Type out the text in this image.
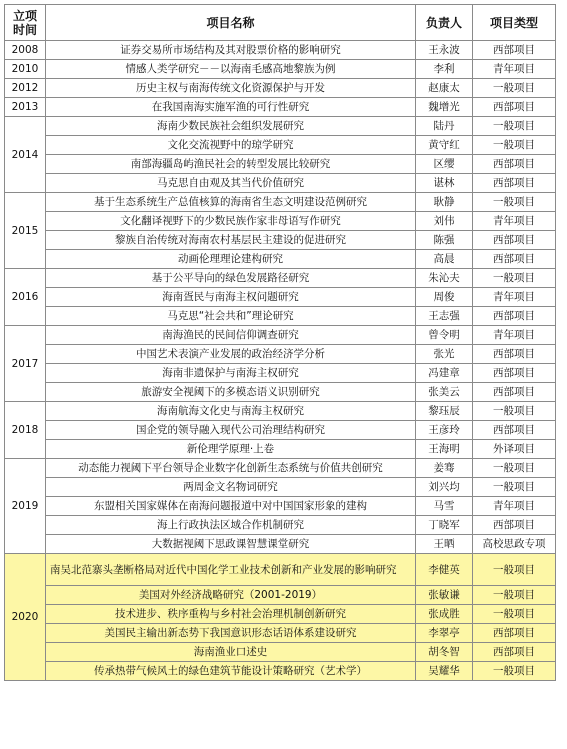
立项
时间	项目名称	负责人	项目类型
2008	证券交易所市场结构及其对股票价格的影响研究	王永波	西部项目
2010	情感人类学研究－－以海南毛感高地黎族为例	李利	青年项目
2012	历史主权与南海传统文化资源保护与开发	赵康太	一般项目
2013	在我国南海实施军渔的可行性研究	魏增光	西部项目
2014	海南少数民族社会组织发展研究	陆丹	一般项目
	文化交流视野中的琼学研究	黄守红	一般项目
	南部海疆岛屿渔民社会的转型发展比较研究	区缨	西部项目
	马克思自由观及其当代价值研究	谌林	西部项目
2015	基于生态系统生产总值核算的海南省生态文明建设范例研究	耿静	一般项目
	文化翻译视野下的少数民族作家非母语写作研究	刘伟	青年项目
	黎族自治传统对海南农村基层民主建设的促进研究	陈强	西部项目
	动画伦理理论建构研究	高晨	西部项目
2016	基于公平导向的绿色发展路径研究	朱沁夫	一般项目
	海南疍民与南海主权问题研究	周俊	青年项目
	马克思“社会共和”理论研究	王志强	西部项目
2017	南海渔民的民间信仰调查研究	曾令明	青年项目
	中国艺术表演产业发展的政治经济学分析	张光	西部项目
	海南非遗保护与南海主权研究	冯建章	西部项目
	旅游安全视阈下的多模态语义识别研究	张美云	西部项目
2018	海南航海文化史与南海主权研究	黎珏辰	一般项目
	国企党的领导融入现代公司治理结构研究	王彦玲	西部项目
	新伦理学原理·上卷	王海明	外译项目
2019	动态能力视阈下平台领导企业数字化创新生态系统与价值共创研究	姜骞	一般项目
	两周金文名物词研究	刘兴均	一般项目
	东盟相关国家媒体在南海问题报道中对中国国家形象的建构	马雪	青年项目
	海上行政执法区域合作机制研究	丁晓军	西部项目
	大数据视阈下思政课智慧课堂研究	王晒	高校思政专项
2020	南吴北范寨头垄断格局对近代中国化学工业技术创新和产业发展的影响研究	李健英	一般项目
	美国对外经济战略研究（2001-2019）	张敏谦	一般项目
	技术进步、秩序重构与乡村社会治理机制创新研究	张成胜	一般项目
	美国民主输出新态势下我国意识形态话语体系建设研究	李翠亭	西部项目
	海南渔业口述史	胡冬智	西部项目
	传承热带气候风土的绿色建筑节能设计策略研究（艺术学）	吴耀华	一般项目
